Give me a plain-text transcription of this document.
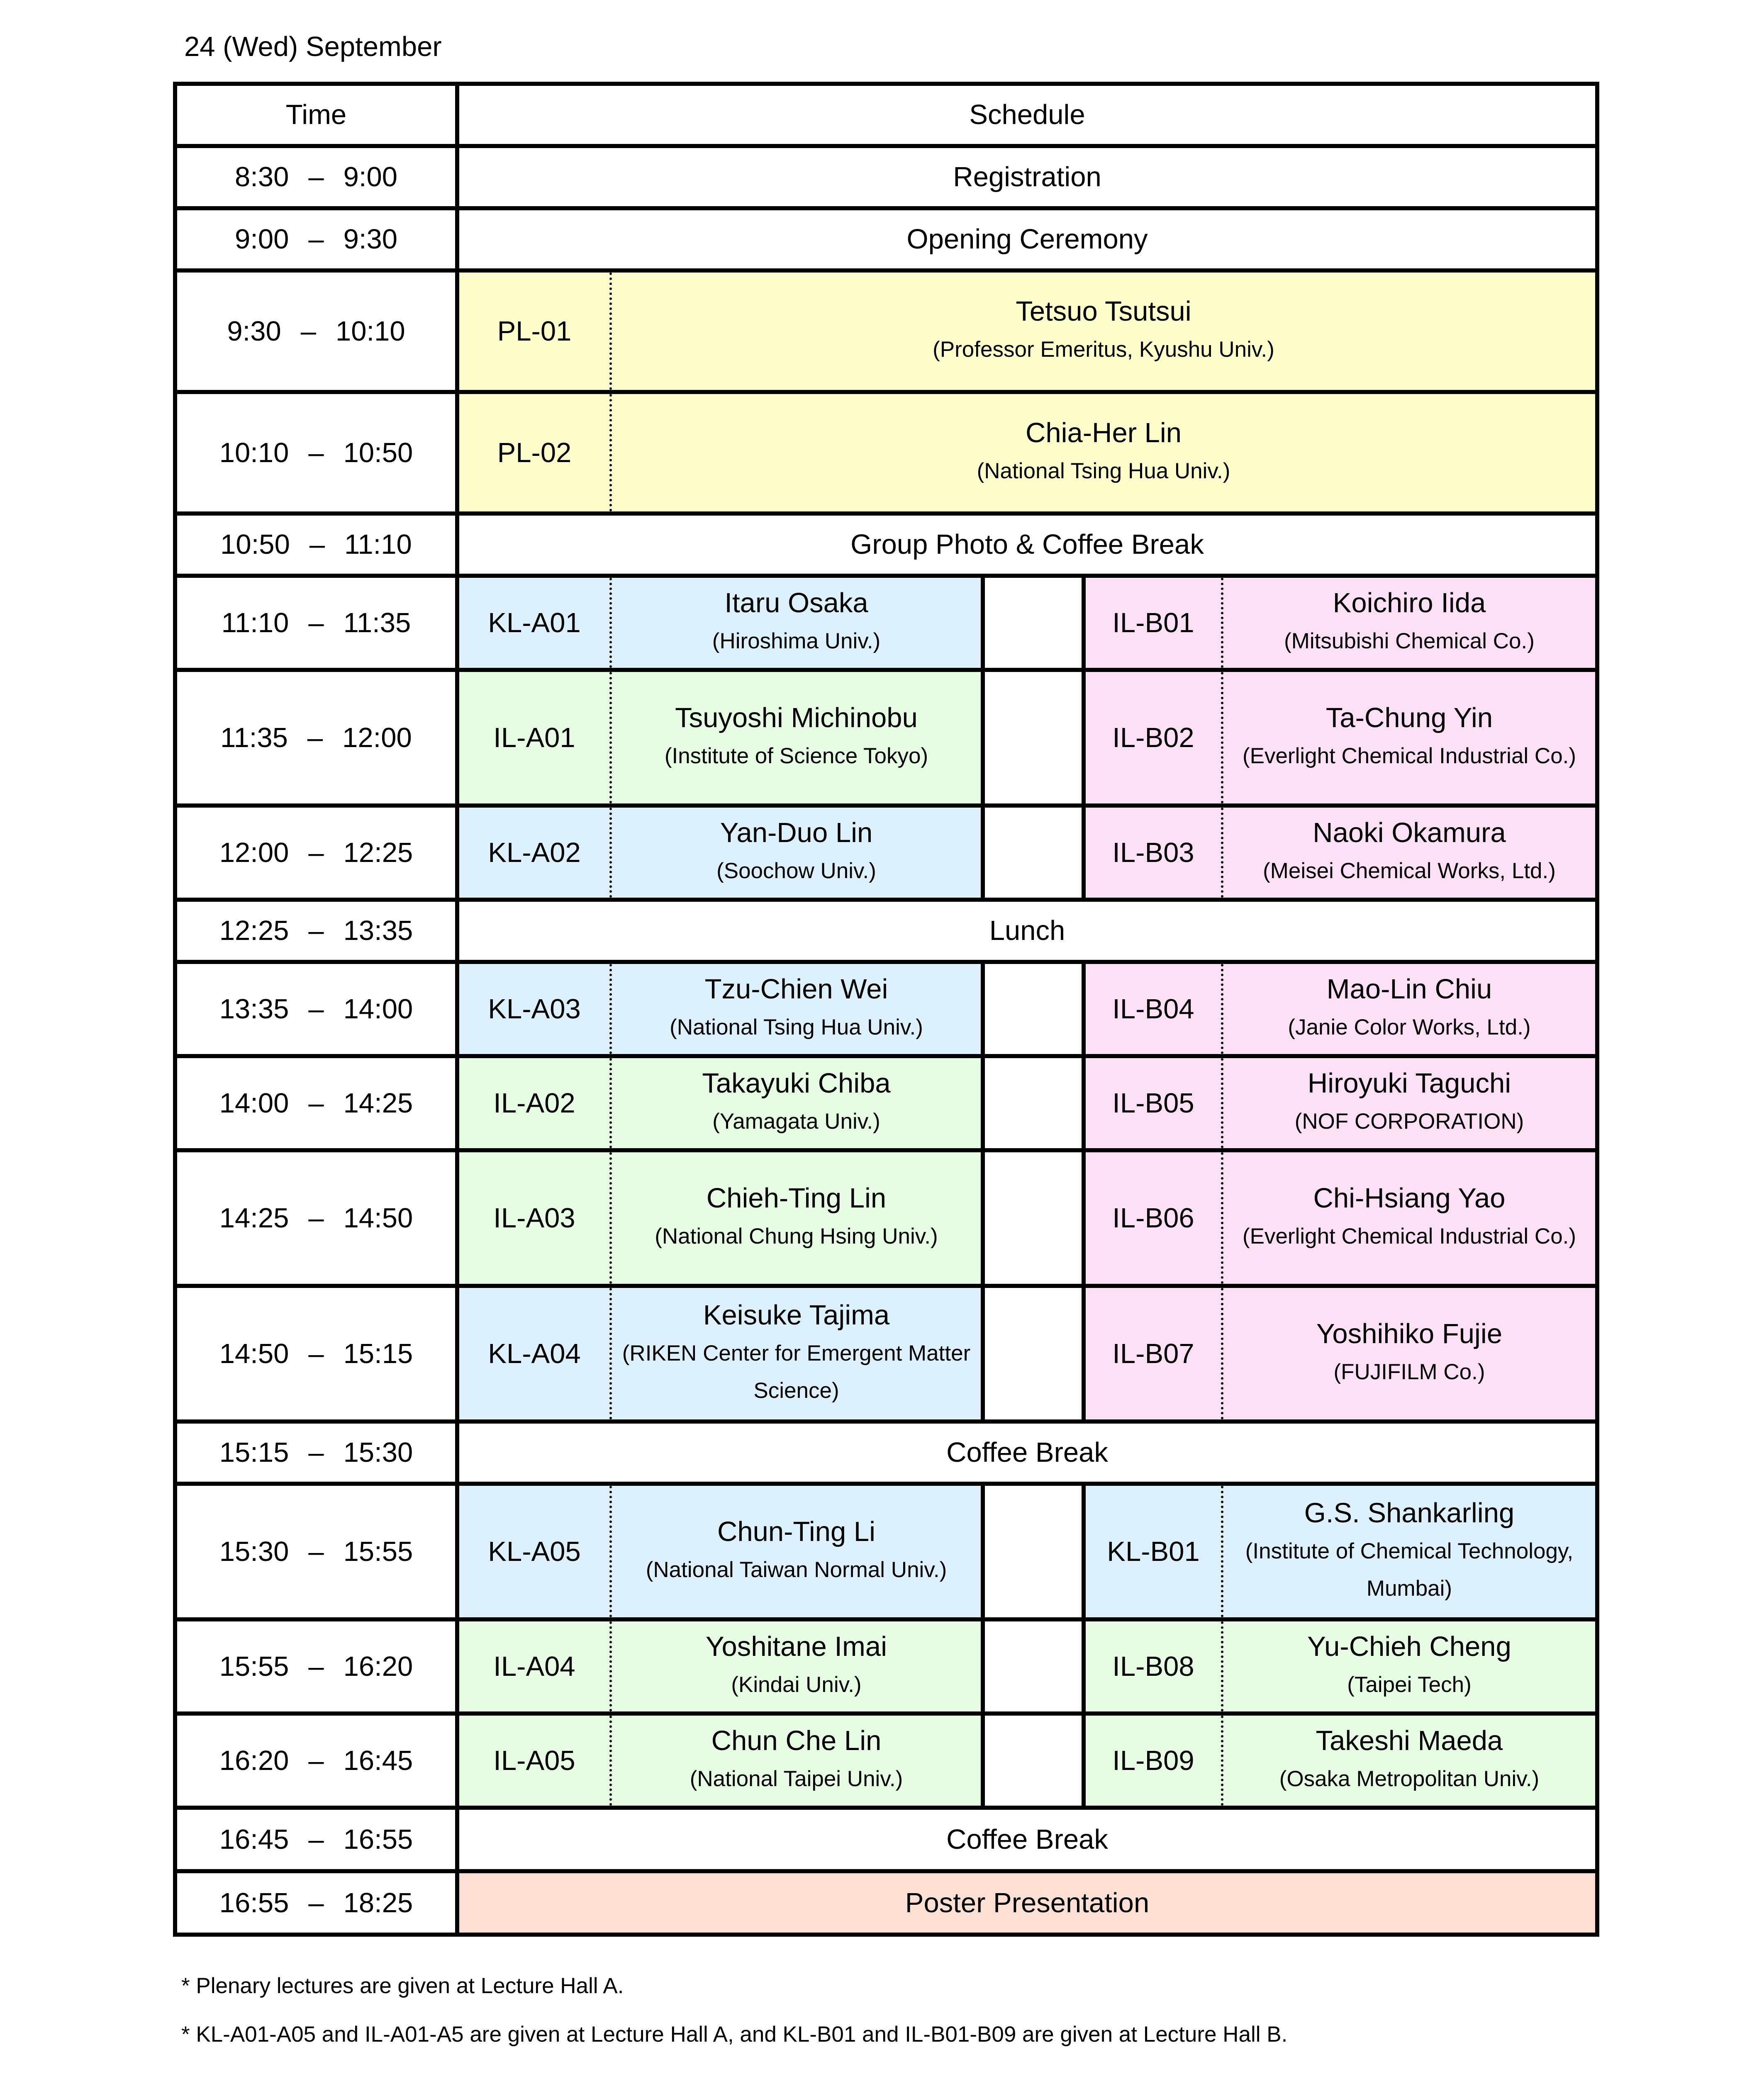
24 (Wed) September
Time	Schedule				
8:30 – 9:00	Registration				
9:00 – 9:30	Opening Ceremony				
9:30 – 10:10	PL-01	Tetsuo Tsutsui
(Professor Emeritus, Kyushu Univ.)			

10:10 – 10:50	PL-02	Chia-Her Lin
(National Tsing Hua Univ.)			

10:50 – 11:10	Group Photo & Coffee Break				
11:10 – 11:35	KL-A01	Itaru Osaka
(Hiroshima Univ.)		IL-B01	Koichiro Iida
(Mitsubishi Chemical Co.)

11:35 – 12:00	IL-A01	Tsuyoshi Michinobu
(Institute of Science Tokyo)		IL-B02	Ta-Chung Yin
(Everlight Chemical Industrial Co.)

12:00 – 12:25	KL-A02	Yan-Duo Lin
(Soochow Univ.)		IL-B03	Naoki Okamura
(Meisei Chemical Works, Ltd.)

12:25 – 13:35	Lunch				
13:35 – 14:00	KL-A03	Tzu-Chien Wei
(National Tsing Hua Univ.)		IL-B04	Mao-Lin Chiu
(Janie Color Works, Ltd.)

14:00 – 14:25	IL-A02	Takayuki Chiba
(Yamagata Univ.)		IL-B05	Hiroyuki Taguchi
(NOF CORPORATION)

14:25 – 14:50	IL-A03	Chieh-Ting Lin
(National Chung Hsing Univ.)		IL-B06	Chi-Hsiang Yao
(Everlight Chemical Industrial Co.)

14:50 – 15:15	KL-A04	Keisuke Tajima
(RIKEN Center for Emergent Matter Science)		IL-B07	Yoshihiko Fujie
(FUJIFILM Co.)

15:15 – 15:30	Coffee Break				
15:30 – 15:55	KL-A05	Chun-Ting Li
(National Taiwan Normal Univ.)		KL-B01	G.S. Shankarling
(Institute of Chemical Technology, Mumbai)

15:55 – 16:20	IL-A04	Yoshitane Imai
(Kindai Univ.)		IL-B08	Yu-Chieh Cheng
(Taipei Tech)

16:20 – 16:45	IL-A05	Chun Che Lin
(National Taipei Univ.)		IL-B09	Takeshi Maeda
(Osaka Metropolitan Univ.)

16:45 – 16:55	Coffee Break				
16:55 – 18:25	Poster Presentation				
* Plenary lectures are given at Lecture Hall A.
* KL-A01-A05 and IL-A01-A5 are given at Lecture Hall A, and KL-B01 and IL-B01-B09 are given at Lecture Hall B.
